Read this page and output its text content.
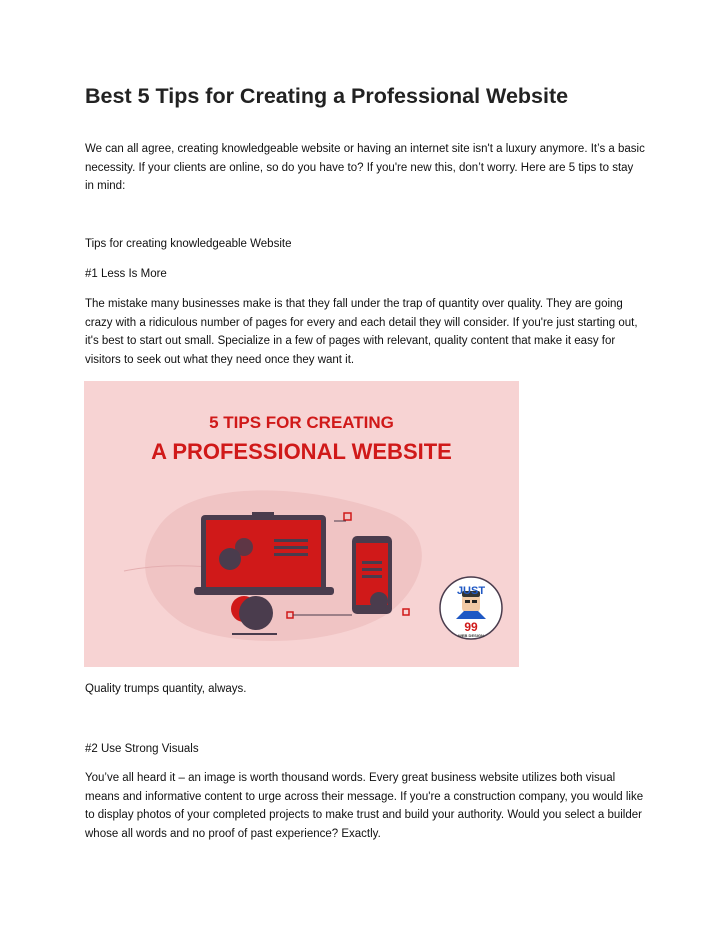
Best 5 Tips for Creating a Professional Website

We can all agree, creating knowledgeable website or having an internet site isn't a luxury anymore. It’s a basic necessity. If your clients are online, so do you have to? If you're new this, don’t worry. Here are 5 tips to stay in mind:

Tips for creating knowledgeable Website

#1 Less Is More

The mistake many businesses make is that they fall under the trap of quantity over quality. They are going crazy with a ridiculous number of pages for every and each detail they will consider. If you're just starting out, it's best to start out small. Specialize in a few of pages with relevant, quality content that make it easy for visitors to seek out what they need once they want it.

JUST
99
WEB DESIGN
5 TIPS FOR CREATING
A PROFESSIONAL WEBSITE

Quality trumps quantity, always.

#2 Use Strong Visuals

You’ve all heard it – an image is worth thousand words. Every great business website utilizes both visual means and informative content to urge across their message. If you're a construction company, you would like to display photos of your completed projects to make trust and build your authority. Would you select a builder whose all words and no proof of past experience? Exactly.
